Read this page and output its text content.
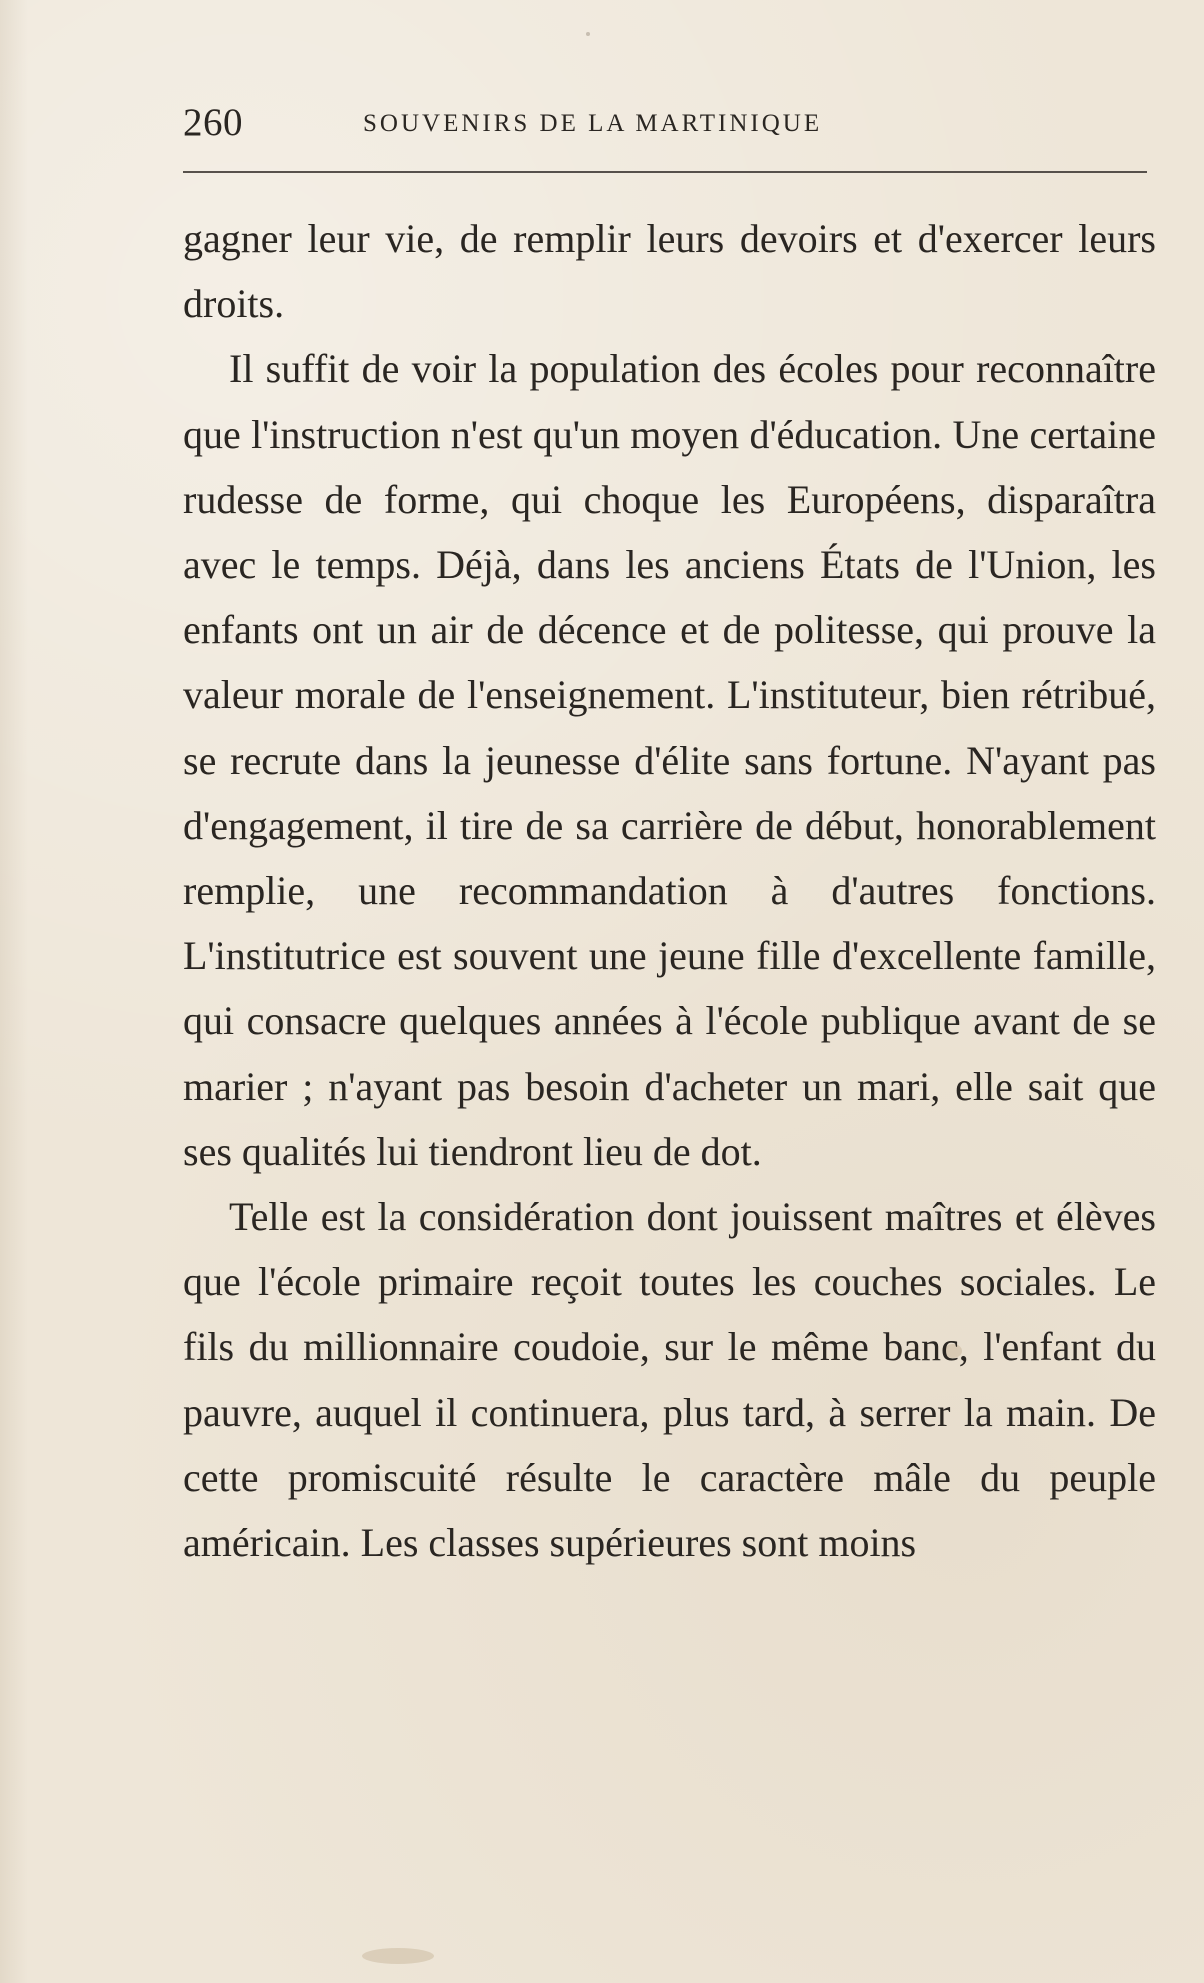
260	SOUVENIRS DE LA MARTINIQUE

gagner leur vie, de remplir leurs devoirs et d'exercer leurs droits.

Il suffit de voir la population des écoles pour reconnaître que l'instruction n'est qu'un moyen d'éducation. Une certaine rudesse de forme, qui choque les Européens, disparaîtra avec le temps. Déjà, dans les anciens États de l'Union, les enfants ont un air de décence et de politesse, qui prouve la valeur morale de l'enseignement. L'instituteur, bien rétribué, se recrute dans la jeunesse d'élite sans fortune. N'ayant pas d'engagement, il tire de sa carrière de début, honorablement remplie, une recommandation à d'autres fonctions. L'institutrice est souvent une jeune fille d'excellente famille, qui consacre quelques années à l'école publique avant de se marier ; n'ayant pas besoin d'acheter un mari, elle sait que ses qualités lui tiendront lieu de dot.

Telle est la considération dont jouissent maîtres et élèves que l'école primaire reçoit toutes les couches sociales. Le fils du millionnaire coudoie, sur le même banc, l'enfant du pauvre, auquel il continuera, plus tard, à serrer la main. De cette promiscuité résulte le caractère mâle du peuple américain. Les classes supérieures sont moins
